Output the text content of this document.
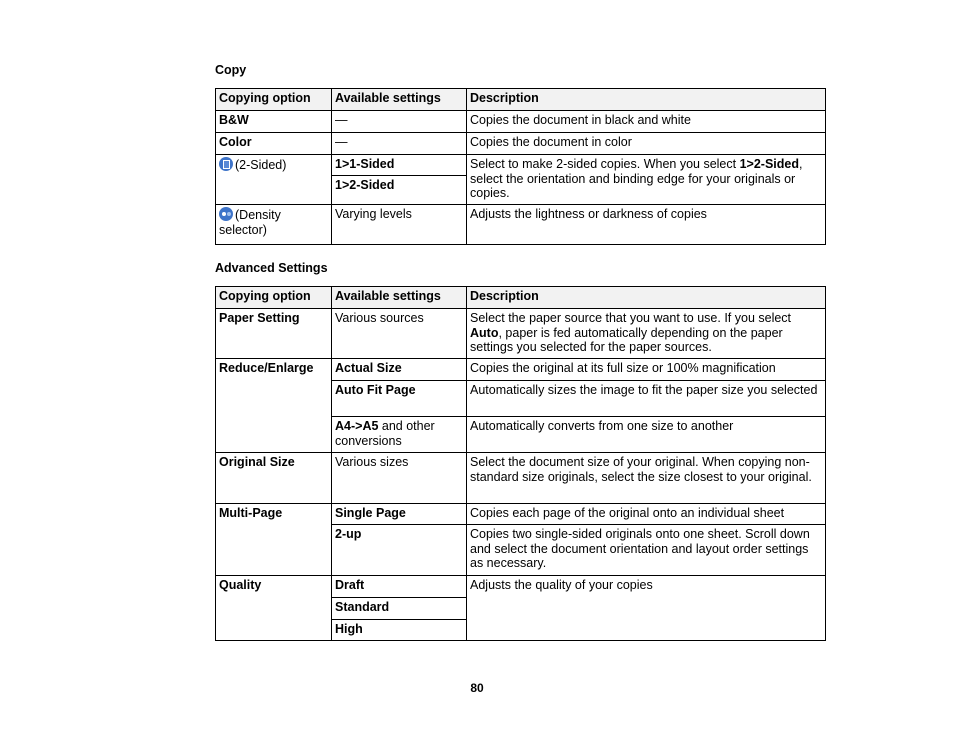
Copy
Copying option	Available settings	Description
B&W	—	Copies the document in black and white
Color	—	Copies the document in color
(2-Sided)	1>1-Sided	Select to make 2-sided copies. When you select 1>2-Sided, select the orientation and binding edge for your originals or copies.
	1>2-Sided	
(Density selector)	Varying levels	Adjusts the lightness or darkness of copies
Advanced Settings
Copying option	Available settings	Description
Paper Setting	Various sources	Select the paper source that you want to use. If you select Auto, paper is fed automatically depending on the paper settings you selected for the paper sources.
Reduce/Enlarge	Actual Size	Copies the original at its full size or 100% magnification
	Auto Fit Page	Automatically sizes the image to fit the paper size you selected
	A4->A5 and other conversions	Automatically converts from one size to another
Original Size	Various sizes	Select the document size of your original. When copying non-standard size originals, select the size closest to your original.
Multi-Page	Single Page	Copies each page of the original onto an individual sheet
	2-up	Copies two single-sided originals onto one sheet. Scroll down and select the document orientation and layout order settings as necessary.
Quality	Draft	Adjusts the quality of your copies
	Standard	
	High	
80
